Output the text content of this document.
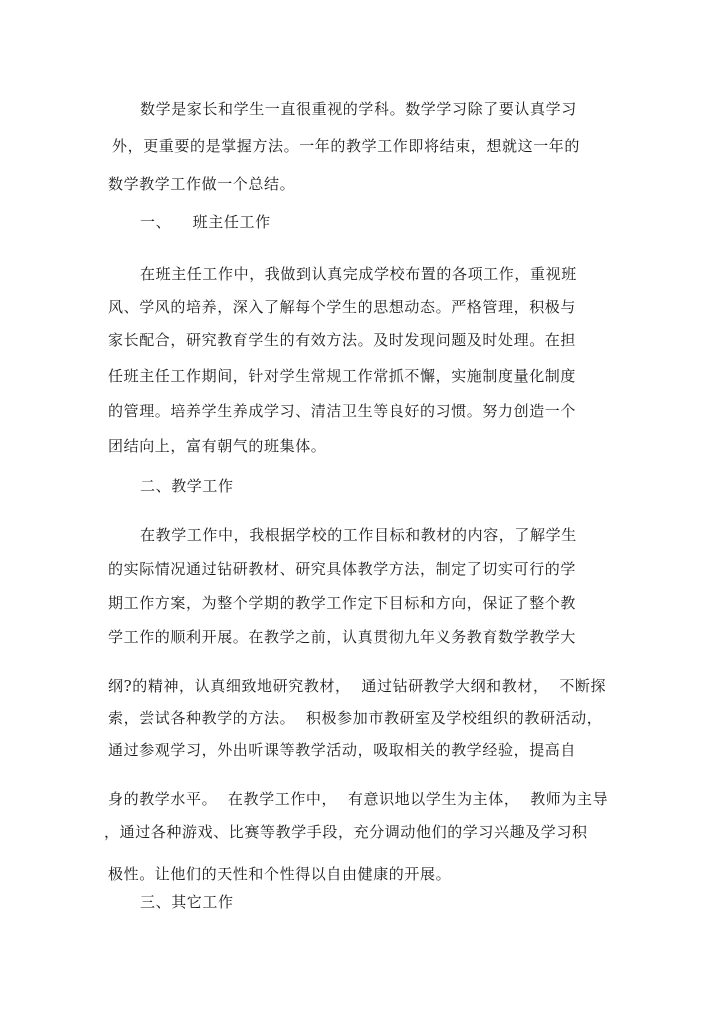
数学是家长和学生一直很重视的学科。数学学习除了要认真学习
外，更重要的是掌握方法。一年的教学工作即将结束，想就这一年的
数学教学工作做一个总结。
一、    班主任工作
在班主任工作中，我做到认真完成学校布置的各项工作，重视班
风、学风的培养，深入了解每个学生的思想动态。严格管理，积极与
家长配合，研究教育学生的有效方法。及时发现问题及时处理。在担
任班主任工作期间，针对学生常规工作常抓不懈，实施制度量化制度
的管理。培养学生养成学习、清洁卫生等良好的习惯。努力创造一个
团结向上，富有朝气的班集体。
二、教学工作
在教学工作中，我根据学校的工作目标和教材的内容，了解学生
的实际情况通过钻研教材、研究具体教学方法，制定了切实可行的学
期工作方案，为整个学期的教学工作定下目标和方向，保证了整个教
学工作的顺利开展。在教学之前，认真贯彻九年义务教育数学教学大
纲?的精神，认真细致地研究教材，  通过钻研教学大纲和教材，  不断探
索，尝试各种教学的方法。  积极参加市教研室及学校组织的教研活动，
通过参观学习，外出听课等教学活动，吸取相关的教学经验，提高自
身的教学水平。  在教学工作中，  有意识地以学生为主体，  教师为主导
，通过各种游戏、比赛等教学手段，充分调动他们的学习兴趣及学习积
极性。让他们的天性和个性得以自由健康的开展。
三、其它工作
